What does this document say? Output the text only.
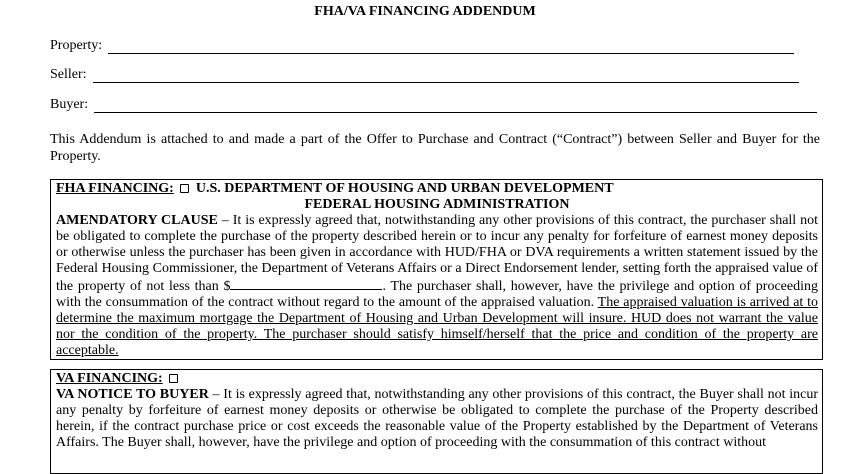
FHA/VA FINANCING ADDENDUM
Property:
Seller:
Buyer:
This Addendum is attached to and made a part of the Offer to Purchase and Contract (“Contract”) between Seller and Buyer for the Property.
FHA FINANCING: U.S. DEPARTMENT OF HOUSING AND URBAN DEVELOPMENT
FEDERAL HOUSING ADMINISTRATION
AMENDATORY CLAUSE – It is expressly agreed that, notwithstanding any other provisions of this contract, the purchaser shall not be obligated to complete the purchase of the property described herein or to incur any penalty for forfeiture of earnest money deposits or otherwise unless the purchaser has been given in accordance with HUD/FHA or DVA requirements a written statement issued by the Federal Housing Commissioner, the Department of Veterans Affairs or a Direct Endorsement lender, setting forth the appraised value of the property of not less than $	. The purchaser shall, however, have the privilege and option of proceeding with the consummation of the contract without regard to the amount of the appraised valuation. The appraised valuation is arrived at to determine the maximum mortgage the Department of Housing and Urban Development will insure. HUD does not warrant the value nor the condition of the property. The purchaser should satisfy himself/herself that the price and condition of the property are acceptable.
VA FINANCING:
VA NOTICE TO BUYER – It is expressly agreed that, notwithstanding any other provisions of this contract, the Buyer shall not incur any penalty by forfeiture of earnest money deposits or otherwise be obligated to complete the purchase of the Property described herein, if the contract purchase price or cost exceeds the reasonable value of the Property established by the Department of Veterans Affairs. The Buyer shall, however, have the privilege and option of proceeding with the consummation of this contract without
